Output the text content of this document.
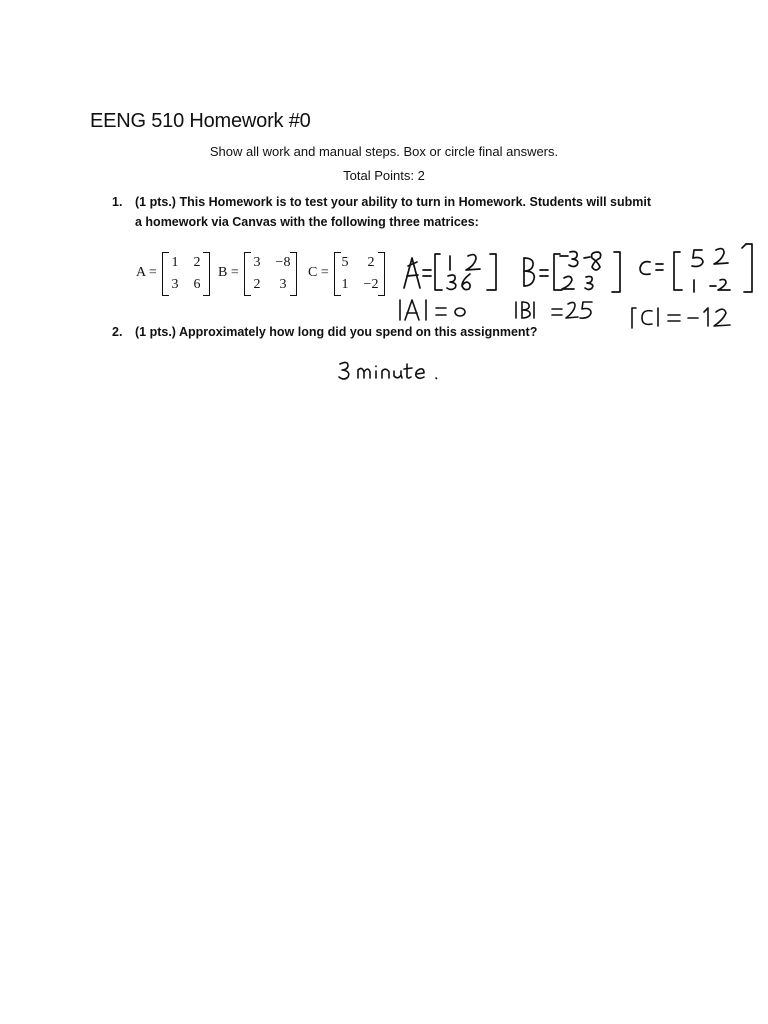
EENG 510 Homework #0
Show all work and manual steps. Box or circle final answers.
Total Points: 2
1. (1 pts.) This Homework is to test your ability to turn in Homework. Students will submit a homework via Canvas with the following three matrices:
A =
1	2
3	6
B =
3	−8
2	3
C =
5	2
1	−2
2. (1 pts.) Approximately how long did you spend on this assignment?
